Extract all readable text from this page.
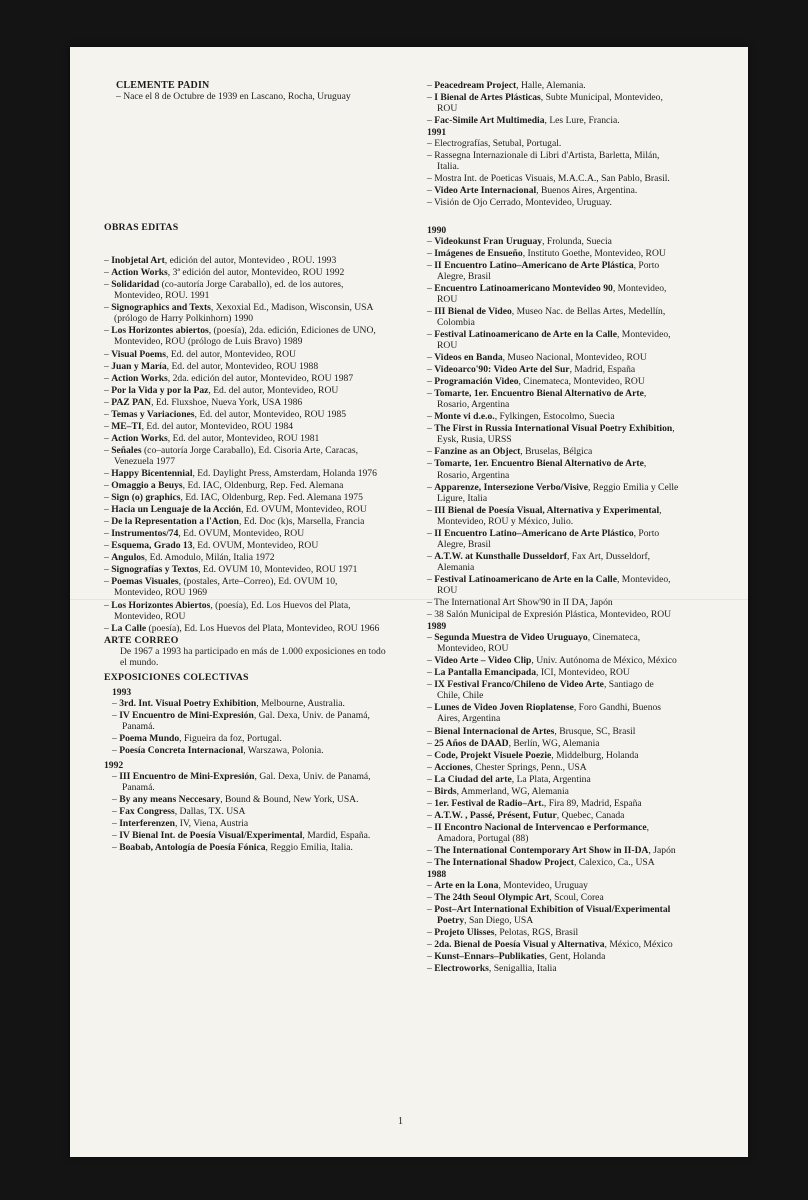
CLEMENTE PADIN
– Nace el 8 de Octubre de 1939 en Lascano, Rocha, Uruguay
OBRAS EDITAS
– Inobjetal Art, edición del autor, Montevideo , ROU. 1993
– Action Works, 3ª edición del autor, Montevideo, ROU 1992
– Solidaridad (co-autoría Jorge Caraballo), ed. de los autores, Montevideo, ROU. 1991
– Signographics and Texts, Xexoxial Ed., Madison, Wisconsin, USA (prólogo de Harry Polkinhorn) 1990
– Los Horizontes abiertos, (poesía), 2da. edición, Ediciones de UNO, Montevideo, ROU (prólogo de Luis Bravo) 1989
– Visual Poems, Ed. del autor, Montevideo, ROU
– Juan y María, Ed. del autor, Montevideo, ROU 1988
– Action Works, 2da. edición del autor, Montevideo, ROU 1987
– Por la Vida y por la Paz, Ed. del autor, Montevideo, ROU
– PAZ PAN, Ed. Fluxshoe, Nueva York, USA 1986
– Temas y Variaciones, Ed. del autor, Montevideo, ROU 1985
– ME–TI, Ed. del autor, Montevideo, ROU 1984
– Action Works, Ed. del autor, Montevideo, ROU 1981
– Señales (co–autoría Jorge Caraballo), Ed. Cisoria Arte, Caracas, Venezuela 1977
– Happy Bicentennial, Ed. Daylight Press, Amsterdam, Holanda 1976
– Omaggio a Beuys, Ed. IAC, Oldenburg, Rep. Fed. Alemana
– Sign (o) graphics, Ed. IAC, Oldenburg, Rep. Fed. Alemana 1975
– Hacia un Lenguaje de la Acción, Ed. OVUM, Montevideo, ROU
– De la Representation a l'Action, Ed. Doc (k)s, Marsella, Francia
– Instrumentos/74, Ed. OVUM, Montevideo, ROU
– Esquema, Grado 13, Ed. OVUM, Montevideo, ROU
– Angulos, Ed. Amodulo, Milán, Italia 1972
– Signografías y Textos, Ed. OVUM 10, Montevideo, ROU 1971
– Poemas Visuales, (postales, Arte–Correo), Ed. OVUM 10, Montevideo, ROU 1969
– Los Horizontes Abiertos, (poesía), Ed. Los Huevos del Plata, Montevideo, ROU
– La Calle (poesía), Ed. Los Huevos del Plata, Montevideo, ROU 1966
ARTE CORREO
De 1967 a 1993 ha participado en más de 1.000 exposiciones en todo el mundo.
EXPOSICIONES COLECTIVAS
1993
– 3rd. Int. Visual Poetry Exhibition, Melbourne, Australia.
– IV Encuentro de Mini-Expresión, Gal. Dexa, Univ. de Panamá, Panamá.
– Poema Mundo, Figueira da foz, Portugal.
– Poesía Concreta Internacional, Warszawa, Polonia.
1992
– III Encuentro de Mini-Expresión, Gal. Dexa, Univ. de Panamá, Panamá.
– By any means Neccesary, Bound & Bound, New York, USA.
– Fax Congress, Dallas, TX. USA
– Interferenzen, IV, Viena, Austria
– IV Bienal Int. de Poesía Visual/Experimental, Mardid, España.
– Boabab, Antología de Poesía Fónica, Reggio Emilia, Italia.
– Peacedream Project, Halle, Alemania.
– I Bienal de Artes Plásticas, Subte Municipal, Montevideo, ROU
– Fac-Simile Art Multimedia, Les Lure, Francia.
1991
– Electrografías, Setubal, Portugal.
– Rassegna Internazionale di Libri d'Artista, Barletta, Milán, Italia.
– Mostra Int. de Poeticas Visuais, M.A.C.A., San Pablo, Brasil.
– Video Arte Internacional, Buenos Aires, Argentina.
– Visión de Ojo Cerrado, Montevideo, Uruguay.
1990
– Videokunst Fran Uruguay, Frolunda, Suecia
– Imágenes de Ensueño, Instituto Goethe, Montevideo, ROU
– II Encuentro Latino–Americano de Arte Plástica, Porto Alegre, Brasil
– Encuentro Latinoamericano Montevideo 90, Montevideo, ROU
– III Bienal de Video, Museo Nac. de Bellas Artes, Medellín, Colombia
– Festival Latinoamericano de Arte en la Calle, Montevideo, ROU
– Videos en Banda, Museo Nacional, Montevideo, ROU
– Videoarco'90: Video Arte del Sur, Madrid, España
– Programación Video, Cinemateca, Montevideo, ROU
– Tomarte, 1er. Encuentro Bienal Alternativo de Arte, Rosario, Argentina
– Monte vi d.e.o., Fylkingen, Estocolmo, Suecia
– The First in Russia International Visual Poetry Exhibition, Eysk, Rusia, URSS
– Fanzine as an Object, Bruselas, Bélgica
– Tomarte, 1er. Encuentro Bienal Alternativo de Arte, Rosario, Argentina
– Apparenze, Intersezione Verbo/Visive, Reggio Emilia y Celle Ligure, Italia
– III Bienal de Poesía Visual, Alternativa y Experimental, Montevideo, ROU y México, Julio.
– II Encuentro Latino–Americano de Arte Plástico, Porto Alegre, Brasil
– A.T.W. at Kunsthalle Dusseldorf, Fax Art, Dusseldorf, Alemania
– Festival Latinoamericano de Arte en la Calle, Montevideo, ROU
– The International Art Show'90 in II DA, Japón
– 38 Salón Municipal de Expresión Plástica, Montevideo, ROU
1989
– Segunda Muestra de Video Uruguayo, Cinemateca, Montevideo, ROU
– Video Arte – Video Clip, Univ. Autónoma de México, México
– La Pantalla Emancipada, ICI, Montevideo, ROU
– IX Festival Franco/Chileno de Video Arte, Santiago de Chile, Chile
– Lunes de Video Joven Rioplatense, Foro Gandhi, Buenos Aires, Argentina
– Bienal Internacional de Artes, Brusque, SC, Brasil
– 25 Años de DAAD, Berlín, WG, Alemania
– Code, Projekt Visuele Poezie, Middelburg, Holanda
– Acciones, Chester Springs, Penn., USA
– La Ciudad del arte, La Plata, Argentina
– Birds, Ammerland, WG, Alemania
– 1er. Festival de Radio–Art., Fira 89, Madrid, España
– A.T.W. , Passé, Présent, Futur, Quebec, Canada
– II Encontro Nacional de Intervencao e Performance, Amadora, Portugal (88)
– The International Contemporary Art Show in II-DA, Japón
– The International Shadow Project, Calexico, Ca., USA
1988
– Arte en la Lona, Montevideo, Uruguay
– The 24th Seoul Olympic Art, Scoul, Corea
– Post–Art International Exhibition of Visual/Experimental Poetry, San Diego, USA
– Projeto Ulisses, Pelotas, RGS, Brasil
– 2da. Bienal de Poesía Visual y Alternativa, México, México
– Kunst–Ennars–Publikaties, Gent, Holanda
– Electroworks, Senigallia, Italia
1
